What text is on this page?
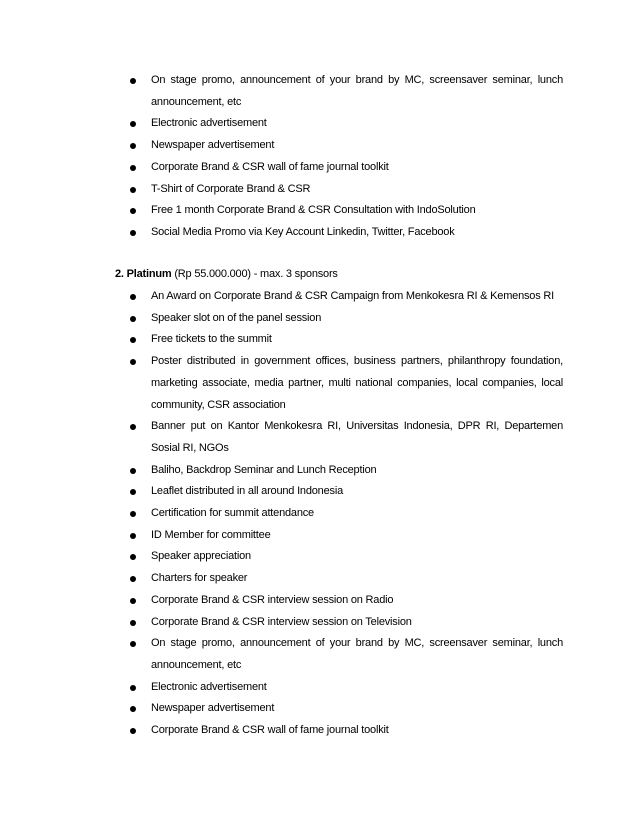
On stage promo, announcement of your brand by MC, screensaver seminar, lunch announcement, etc
Electronic advertisement
Newspaper advertisement
Corporate Brand & CSR wall of fame journal toolkit
T-Shirt of Corporate Brand & CSR
Free 1 month Corporate Brand & CSR Consultation with IndoSolution
Social Media Promo via Key Account Linkedin, Twitter, Facebook
2. Platinum (Rp 55.000.000) - max. 3 sponsors
An Award on Corporate Brand & CSR Campaign from Menkokesra RI & Kemensos RI
Speaker slot on of the panel session
Free tickets to the summit
Poster distributed in government offices, business partners, philanthropy foundation, marketing associate, media partner, multi national companies, local companies, local community, CSR association
Banner put on Kantor Menkokesra RI, Universitas Indonesia, DPR RI, Departemen Sosial RI, NGOs
Baliho, Backdrop Seminar and Lunch Reception
Leaflet distributed in all around Indonesia
Certification for summit attendance
ID Member for committee
Speaker appreciation
Charters for speaker
Corporate Brand & CSR interview session on Radio
Corporate Brand & CSR interview session on Television
On stage promo, announcement of your brand by MC, screensaver seminar, lunch announcement, etc
Electronic advertisement
Newspaper advertisement
Corporate Brand & CSR wall of fame journal toolkit
